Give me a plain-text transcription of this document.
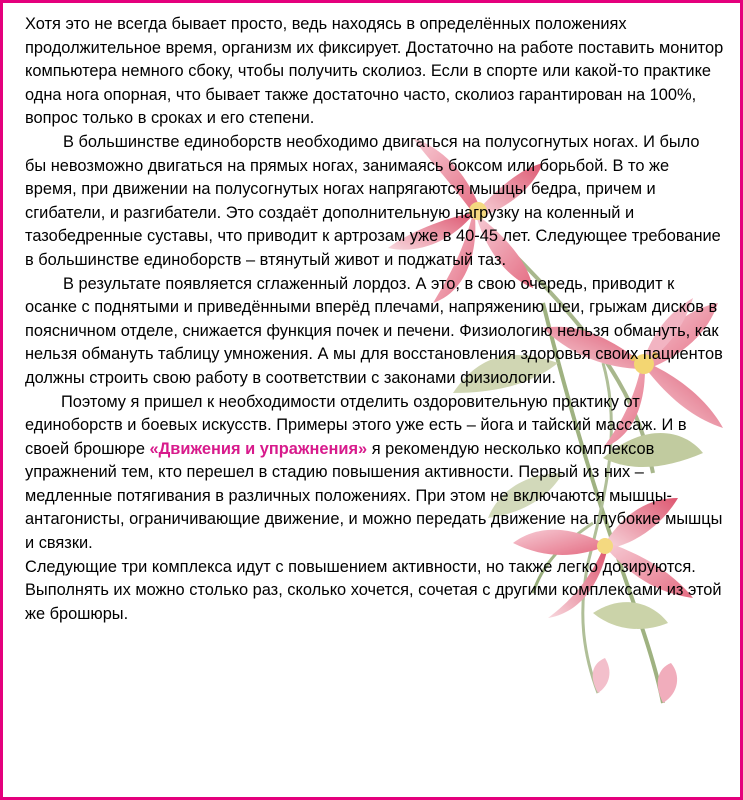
Хотя это не всегда бывает просто, ведь находясь в определённых положениях продолжительное время, организм их фиксирует. Достаточно на работе поставить монитор компьютера немного сбоку, чтобы получить сколиоз. Если в спорте или какой-то практике одна нога опорная, что бывает также достаточно часто, сколиоз гарантирован на 100%, вопрос только в сроках и его степени.

В большинстве единоборств необходимо двигаться на полусогнутых ногах. И было бы невозможно двигаться на прямых ногах, занимаясь боксом или борьбой. В то же время, при движении на полусогнутых ногах напрягаются мышцы бедра, причем и сгибатели, и разгибатели. Это создаёт дополнительную нагрузку на коленный и тазобедренные суставы, что приводит к артрозам уже в 40-45 лет. Следующее требование в большинстве единоборств – втянутый живот и поджатый таз.

В результате появляется сглаженный лордоз. А это, в свою очередь, приводит к осанке с поднятыми и приведёнными вперёд плечами, напряжению шеи, грыжам дисков в поясничном отделе, снижается функция почек и печени. Физиологию нельзя обмануть, как нельзя обмануть таблицу умножения. А мы для восстановления здоровья своих пациентов должны строить свою работу в соответствии с законами физиологии.

Поэтому я пришел к необходимости отделить оздоровительную практику от единоборств и боевых искусств. Примеры этого уже есть – йога и тайский массаж. И в своей брошюре «Движения и упражнения» я рекомендую несколько комплексов упражнений тем, кто перешел в стадию повышения активности. Первый из них – медленные потягивания в различных положениях. При этом не включаются мышцы-антагонисты, ограничивающие движение, и можно передать движение на глубокие мышцы и связки.

Следующие три комплекса идут с повышением активности, но также легко дозируются. Выполнять их можно столько раз, сколько хочется, сочетая с другими комплексами из этой же брошюры.
